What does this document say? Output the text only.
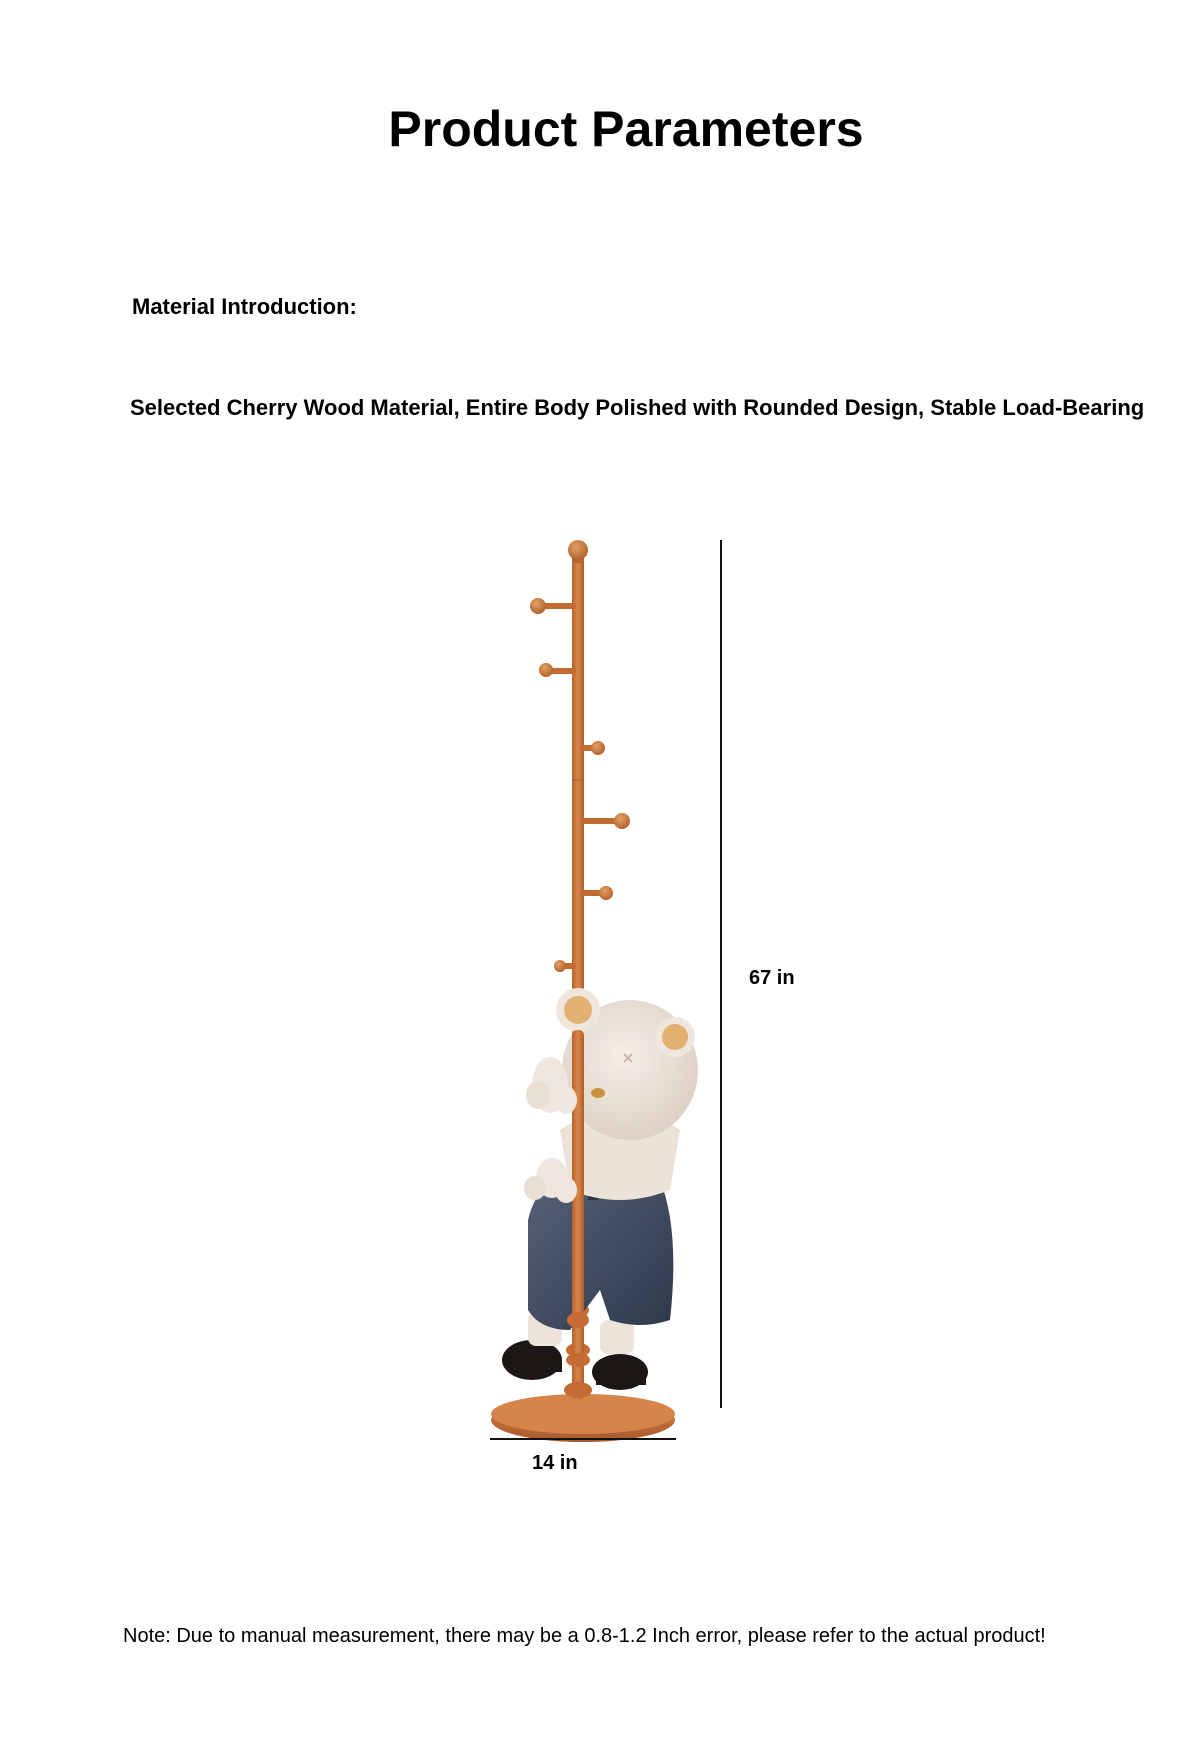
Product Parameters
Material Introduction:
Selected Cherry Wood Material, Entire Body Polished with Rounded Design, Stable Load-Bearing
67 in
14 in
Note: Due to manual measurement, there may be a 0.8-1.2 Inch error, please refer to the actual product!
